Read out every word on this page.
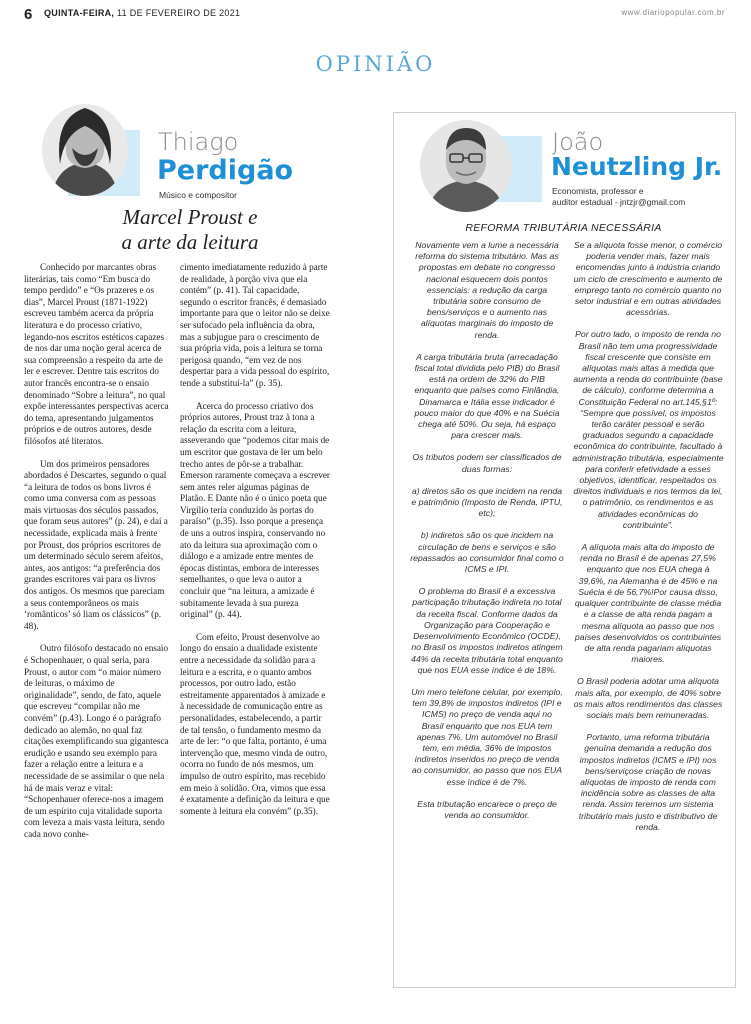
6 QUINTA-FEIRA, 11 DE FEVEREIRO DE 2021	www.diariopopular.com.br
OPINIÃO
Thiago
Perdigão
Músico e compositor
Marcel Proust e
a arte da leitura

Conhecido por marcantes obras literárias, tais como “Em busca do tempo perdido” e “Os prazeres e os dias”, Marcel Proust (1871-1922) escreveu também acerca da própria literatura e do processo criativo, legando-nos escritos estéticos capazes de nos dar uma noção geral acerca de sua compreensão a respeito da arte de ler e escrever. Dentre tais escritos do autor francês encontra-se o ensaio denominado “Sobre a leitura”, no qual expõe interessantes perspectivas acerca do tema, apresentando julgamentos próprios e de outros autores, desde filósofos até literatos.

Um dos primeiros pensadores abordados é Descartes, segundo o qual “a leitura de todos os bons livros é como uma conversa com as pessoas mais virtuosas dos séculos passados, que foram seus autores” (p. 24), e daí a necessidade, explicada mais à frente por Proust, dos próprios escritores de um determinado século serem afeitos, antes, aos antigos: “a preferência dos grandes escritores vai para os livros dos antigos. Os mesmos que pareciam a seus contemporâneos os mais ‘românticos’ só liam os clássicos” (p. 48).

Outro filósofo destacado no ensaio é Schopenhauer, o qual seria, para Proust, o autor com “o maior número de leituras, o máximo de originalidade”, sendo, de fato, aquele que escreveu “compilar não me convém” (p.43). Longo é o parágrafo dedicado ao alemão, no qual faz citações exemplificando sua gigantesca erudição e usando seu exemplo para fazer a relação entre a leitura e a necessidade de se assimilar o que nela há de mais veraz e vital: “Schopenhauer oferece-nos a imagem de um espírito cuja vitalidade suporta com leveza a mais vasta leitura, sendo cada novo conhe-

cimento imediatamente reduzido à parte de realidade, à porção viva que ela contém” (p. 41). Tal capacidade, segundo o escritor francês, é demasiado importante para que o leitor não se deixe ser sufocado pela influência da obra, mas a subjugue para o crescimento de sua própria vida, pois a leitura se torna perigosa quando, “em vez de nos despertar para a vida pessoal do espírito, tende a substituí-la” (p. 35).

Acerca do processo criativo dos próprios autores, Proust traz à tona a relação da escrita com a leitura, asseverando que “podemos citar mais de um escritor que gostava de ler um belo trecho antes de pôr-se a trabalhar. Emerson raramente começava a escrever sem antes reler algumas páginas de Platão. E Dante não é o único poeta que Virgílio teria conduzido às portas do paraíso” (p.35). Isso porque a presença de uns a outros inspira, conservando no ato da leitura sua aproximação com o diálogo e a amizade entre mentes de épocas distintas, embora de interesses semelhantes, o que leva o autor a concluir que “na leitura, a amizade é subitamente levada à sua pureza original” (p. 44).

Com efeito, Proust desenvolve ao longo do ensaio a dualidade existente entre a necessidade da solidão para a leitura e a escrita, e o quanto ambos processos, por outro lado, estão estreitamente apparentados à amizade e à necessidade de comunicação entre as personalidades, estabelecendo, a partir de tal tensão, o fundamento mesmo da arte de ler: “o que falta, portanto, é uma intervenção que, mesmo vinda de outro, ocorra no fundo de nós mesmos, um impulso de outro espírito, mas recebido em meio à solidão. Ora, vimos que essa é exatamente a definição da leitura e que somente à leitura ela convém” (p.35).

João
Neutzling Jr.
Economista, professor e
auditor estadual - jntzjr@gmail.com
REFORMA TRIBUTÁRIA NECESSÁRIA

Novamente vem a lume a necessária reforma do sistema tributário. Mas as propostas em debate no congresso nacional esquecem dois pontos essenciais: a redução da carga tributária sobre consumo de bens/serviços e o aumento nas alíquotas marginais do imposto de renda.

A carga tributária bruta (arrecadação fiscal total dividida pelo PIB) do Brasil está na ordem de 32% do PIB enquanto que países como Finlândia, Dinamarca e Itália esse indicador é pouco maior do que 40% e na Suécia chega até 50%. Ou seja, há espaço para crescer mais.

Os tributos podem ser classificados de duas formas:

a) diretos são os que incidem na renda e patrimônio (Imposto de Renda, IPTU, etc);

b) indiretos são os que incidem na circulação de bens e serviços e são repassados ao consumidor final como o ICMS e IPI.

O problema do Brasil é a excessiva participação tributação indireta no total da receita fiscal. Conforme dados da Organização para Cooperação e Desenvolvimento Econômico (OCDE), no Brasil os impostos indiretos atingem 44% da receita tributária total enquanto que nos EUA esse índice é de 18%.

Um mero telefone celular, por exemplo, tem 39,8% de impostos indiretos (IPI e ICMS) no preço de venda aqui no Brasil enquanto que nos EUA tem apenas 7%. Um automóvel no Brasil tem, em média, 36% de impostos indiretos inseridos no preço de venda ao consumidor, ao passo que nos EUA esse índice é de 7%.

Esta tributação encarece o preço de venda ao consumidor.

Se a alíquota fosse menor, o comércio poderia vender mais, fazer mais encomendas junto à indústria criando um ciclo de crescimento e aumento de emprego tanto no comércio quanto no setor industrial e em outras atividades acessórias.

Por outro lado, o imposto de renda no Brasil não tem uma progressividade fiscal crescente que consiste em alíquotas mais altas à medida que aumenta a renda do contribuinte (base de cálculo), conforme determina a Constituição Federal no art.145,§1º: “Sempre que possível, os impostos terão caráter pessoal e serão graduados segundo a capacidade econômica do contribuinte, facultado à administração tributária, especialmente para conferir efetividade a esses objetivos, identificar, respeitados os direitos individuais e nos termos da lei, o patrimônio, os rendimentos e as atividades econômicas do contribuinte”.

A alíquota mais alta do imposto de renda no Brasil é de apenas 27,5% enquanto que nos EUA chega à 39,6%, na Alemanha é de 45% e na Suécia é de 56,7%!Por causa disso, qualquer contribuinte de classe média e a classe de alta renda pagam a mesma alíquota ao passo que nos países desenvolvidos os contribuintes de alta renda pagariam alíquotas maiores.

O Brasil poderia adotar uma alíquota mais alta, por exemplo, de 40% sobre os mais altos rendimentos das classes sociais mais bem remuneradas.

Portanto, uma reforma tributária genuína demanda a redução dos impostos indiretos (ICMS e IPI) nos bens/serviçose criação de novas alíquotas de imposto de renda com incidência sobre as classes de alta renda. Assim teremos um sistema tributário mais justo e distributivo de renda.
